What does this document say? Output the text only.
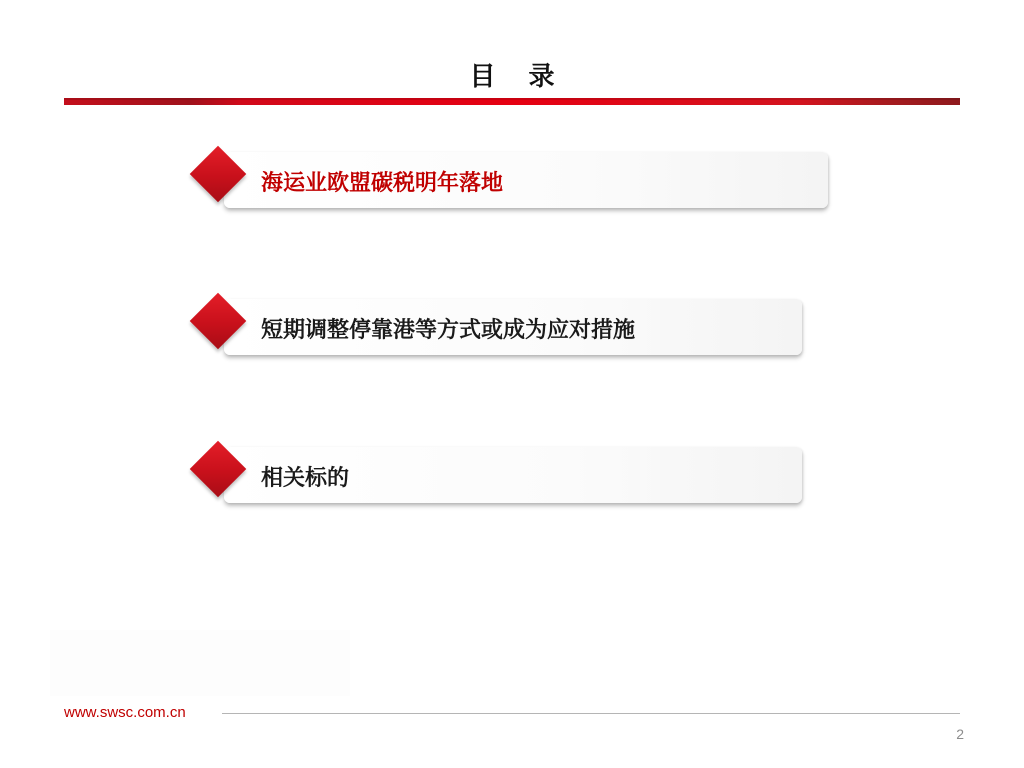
目 录
海运业欧盟碳税明年落地
短期调整停靠港等方式或成为应对措施
相关标的
www.swsc.com.cn
2
